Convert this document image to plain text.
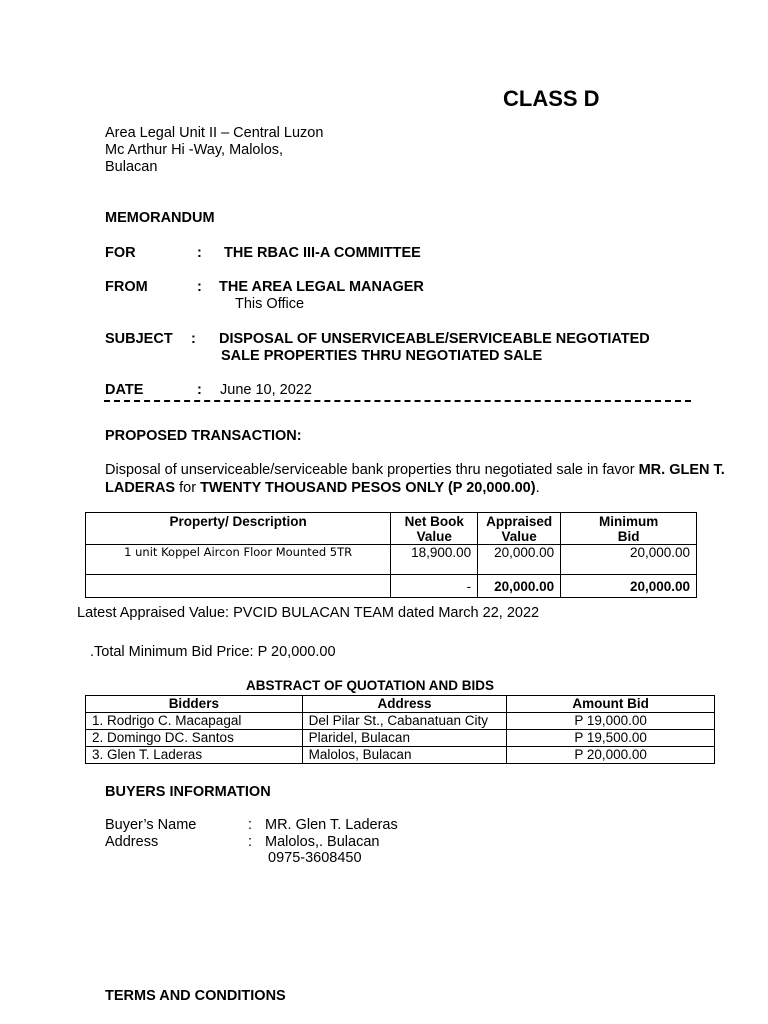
CLASS D
Area Legal Unit II – Central Luzon
Mc Arthur Hi -Way, Malolos,
Bulacan
MEMORANDUM
FOR	: THE RBAC III-A COMMITTEE
FROM	: THE AREA LEGAL MANAGER
This Office
SUBJECT : DISPOSAL OF UNSERVICEABLE/SERVICEABLE NEGOTIATED
SALE PROPERTIES THRU NEGOTIATED SALE
DATE	: June 10, 2022
PROPOSED TRANSACTION:
Disposal of unserviceable/serviceable bank properties thru negotiated sale in favor MR. GLEN T. LADERAS for TWENTY THOUSAND PESOS ONLY (P 20,000.00).
Property/ Description	Net Book Value	Appraised Value	Minimum Bid
1 unit Koppel Aircon Floor Mounted 5TR	18,900.00	20,000.00	20,000.00
	-	20,000.00	20,000.00
Latest Appraised Value: PVCID BULACAN TEAM dated March 22, 2022
.Total Minimum Bid Price: P 20,000.00
ABSTRACT OF QUOTATION AND BIDS
Bidders	Address	Amount Bid
1. Rodrigo C. Macapagal	Del Pilar St., Cabanatuan City	P 19,000.00
2. Domingo DC. Santos	Plaridel, Bulacan	P 19,500.00
3. Glen T. Laderas	Malolos, Bulacan	P 20,000.00
BUYERS INFORMATION
Buyer’s Name	: MR. Glen T. Laderas
Address	: Malolos,. Bulacan
0975-3608450
TERMS AND CONDITIONS
